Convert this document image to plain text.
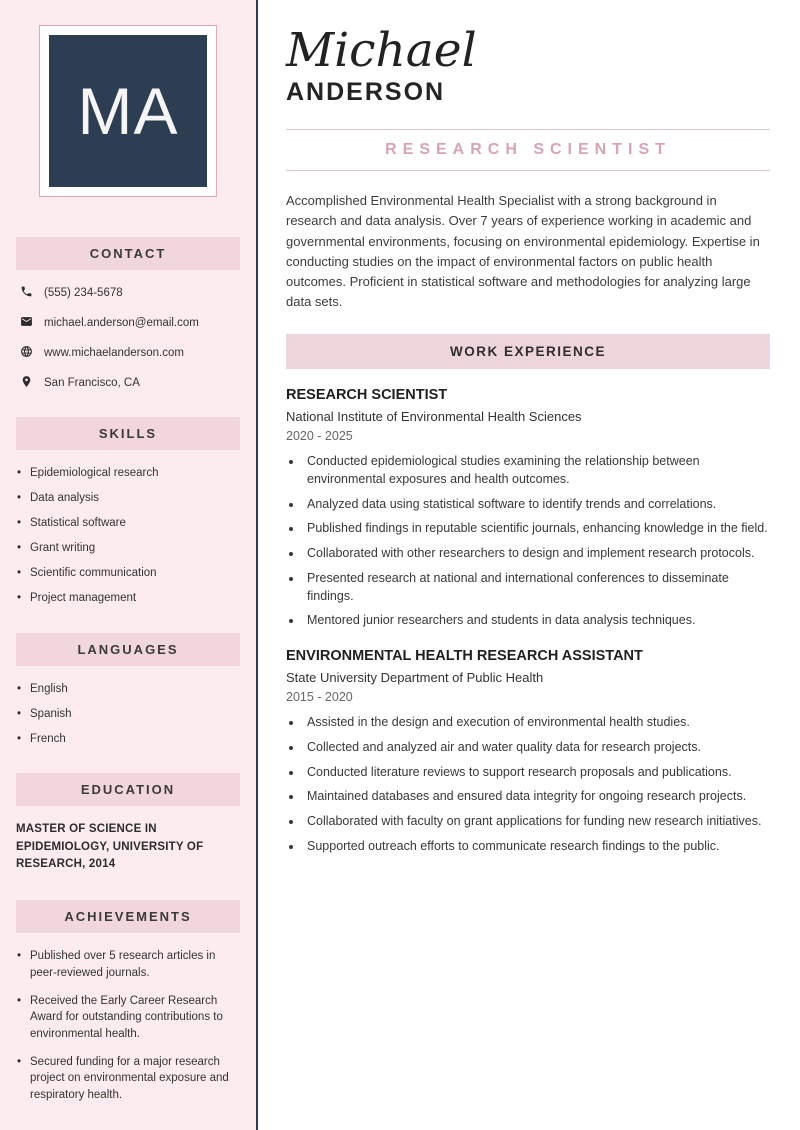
MA
CONTACT
(555) 234-5678
michael.anderson@email.com
www.michaelanderson.com
San Francisco, CA
SKILLS
• Epidemiological research
• Data analysis
• Statistical software
• Grant writing
• Scientific communication
• Project management
LANGUAGES
• English
• Spanish
• French
EDUCATION

MASTER OF SCIENCE IN EPIDEMIOLOGY, UNIVERSITY OF RESEARCH, 2014

ACHIEVEMENTS
• Published over 5 research articles in peer-reviewed journals.
• Received the Early Career Research Award for outstanding contributions to environmental health.
• Secured funding for a major research project on environmental exposure and respiratory health.
Michael
ANDERSON
RESEARCH SCIENTIST

Accomplished Environmental Health Specialist with a strong background in research and data analysis. Over 7 years of experience working in academic and governmental environments, focusing on environmental epidemiology. Expertise in conducting studies on the impact of environmental factors on public health outcomes. Proficient in statistical software and methodologies for analyzing large data sets.

WORK EXPERIENCE
RESEARCH SCIENTIST
National Institute of Environmental Health Sciences
2020 - 2025
• Conducted epidemiological studies examining the relationship between environmental exposures and health outcomes.
• Analyzed data using statistical software to identify trends and correlations.
• Published findings in reputable scientific journals, enhancing knowledge in the field.
• Collaborated with other researchers to design and implement research protocols.
• Presented research at national and international conferences to disseminate findings.
• Mentored junior researchers and students in data analysis techniques.
ENVIRONMENTAL HEALTH RESEARCH ASSISTANT
State University Department of Public Health
2015 - 2020
• Assisted in the design and execution of environmental health studies.
• Collected and analyzed air and water quality data for research projects.
• Conducted literature reviews to support research proposals and publications.
• Maintained databases and ensured data integrity for ongoing research projects.
• Collaborated with faculty on grant applications for funding new research initiatives.
• Supported outreach efforts to communicate research findings to the public.
